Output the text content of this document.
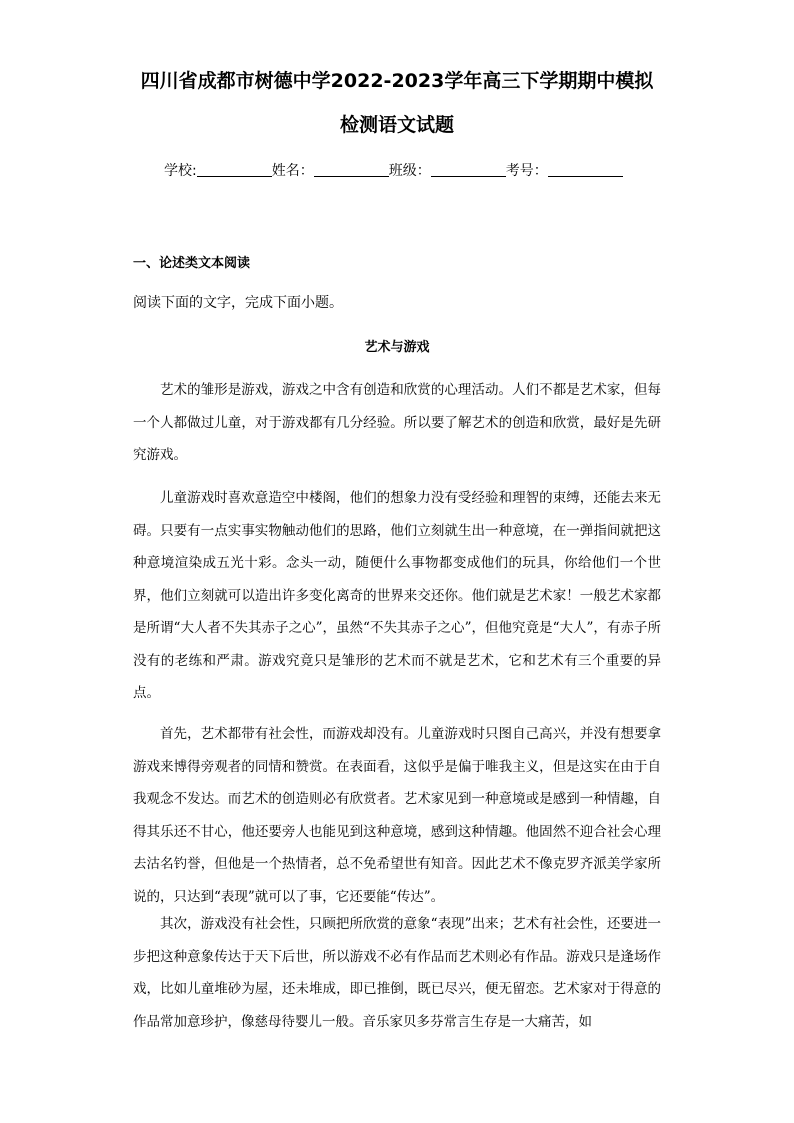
四川省成都市树德中学2022-2023学年高三下学期期中模拟
检测语文试题
学校:	姓名：	班级：	考号：
一、论述类文本阅读
阅读下面的文字，完成下面小题。
艺术与游戏

艺术的雏形是游戏，游戏之中含有创造和欣赏的心理活动。人们不都是艺术家，但每一个人都做过儿童，对于游戏都有几分经验。所以要了解艺术的创造和欣赏，最好是先研究游戏。

儿童游戏时喜欢意造空中楼阁，他们的想象力没有受经验和理智的束缚，还能去来无碍。只要有一点实事实物触动他们的思路，他们立刻就生出一种意境，在一弹指间就把这种意境渲染成五光十彩。念头一动，随便什么事物都变成他们的玩具，你给他们一个世界，他们立刻就可以造出许多变化离奇的世界来交还你。他们就是艺术家！一般艺术家都是所谓“大人者不失其赤子之心”，虽然“不失其赤子之心”，但他究竟是“大人”，有赤子所没有的老练和严肃。游戏究竟只是雏形的艺术而不就是艺术，它和艺术有三个重要的异点。

首先，艺术都带有社会性，而游戏却没有。儿童游戏时只图自己高兴，并没有想要拿游戏来博得旁观者的同情和赞赏。在表面看，这似乎是偏于唯我主义，但是这实在由于自我观念不发达。而艺术的创造则必有欣赏者。艺术家见到一种意境或是感到一种情趣，自得其乐还不甘心，他还要旁人也能见到这种意境，感到这种情趣。他固然不迎合社会心理去沽名钓誉，但他是一个热情者，总不免希望世有知音。因此艺术不像克罗齐派美学家所说的，只达到“表现”就可以了事，它还要能“传达”。

其次，游戏没有社会性，只顾把所欣赏的意象“表现”出来；艺术有社会性，还要进一步把这种意象传达于天下后世，所以游戏不必有作品而艺术则必有作品。游戏只是逢场作戏，比如儿童堆砂为屋，还未堆成，即已推倒，既已尽兴，便无留恋。艺术家对于得意的作品常加意珍护，像慈母待婴儿一般。音乐家贝多芬常言生存是一大痛苦，如
